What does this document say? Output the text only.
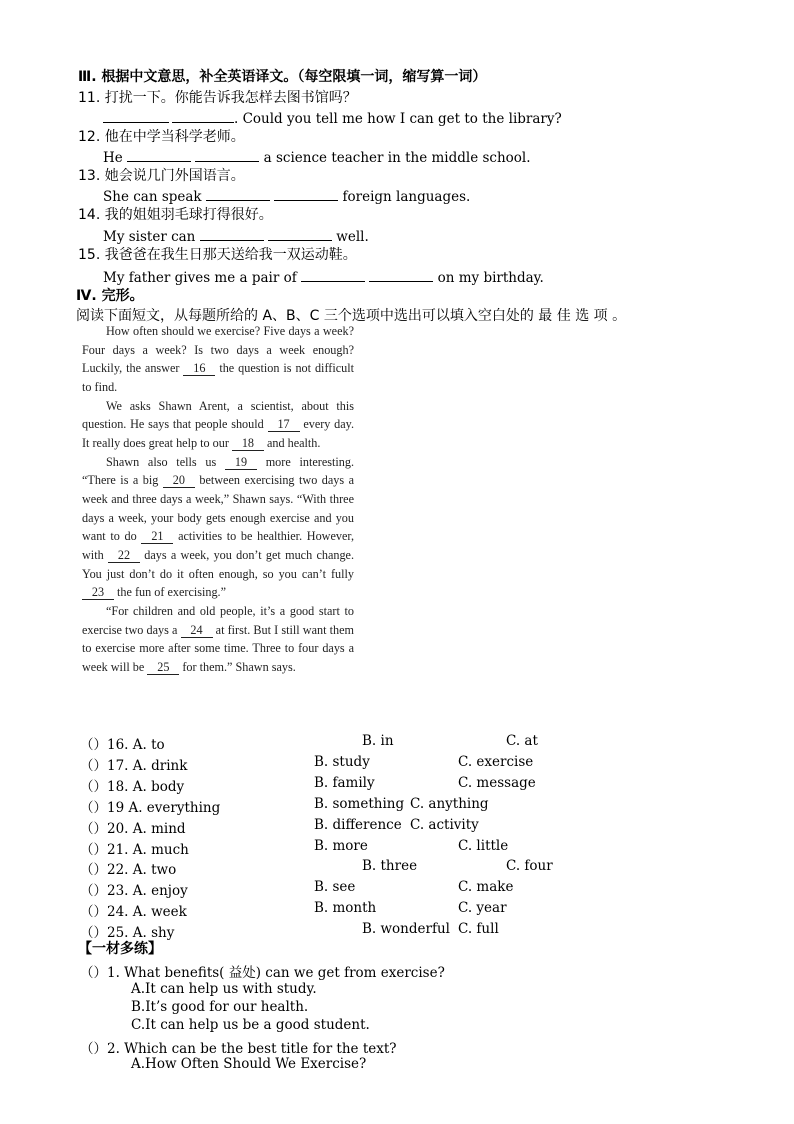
Ⅲ. 根据中文意思，补全英语译文。（每空限填一词，缩写算一词）
11. 打扰一下。你能告诉我怎样去图书馆吗？
. Could you tell me how I can get to the library?
12. 他在中学当科学老师。
He	a science teacher in the middle school.
13. 她会说几门外国语言。
She can speak	foreign languages.
14. 我的姐姐羽毛球打得很好。
My sister can	well.
15. 我爸爸在我生日那天送给我一双运动鞋。
My father gives me a pair of	on my birthday.
Ⅳ. 完形。
阅读下面短文，从每题所给的 A、B、C 三个选项中选出可以填入空白处的 最 佳 选 项 。

How often should we exercise? Five days a week? Four days a week? Is two days a week enough? Luckily, the answer 16 the question is not difficult to find.

We asks Shawn Arent, a scientist, about this question. He says that people should 17 every day. It really does great help to our 18 and health.

Shawn also tells us 19 more interesting. “There is a big 20 between exercising two days a week and three days a week,” Shawn says. “With three days a week, your body gets enough exercise and you want to do 21 activities to be healthier. However, with 22 days a week, you don’t get much change. You just don’t do it often enough, so you can’t fully 23 the fun of exercising.”

“For children and old people, it’s a good start to exercise two days a 24 at first. But I still want them to exercise more after some time. Three to four days a week will be 25 for them.” Shawn says.

（）16. A. to	B. in	C. at
（）17. A. drink	B. study	C. exercise
（）18. A. body	B. family	C. message
（）19 A. everything	B. something C. anything
（）20. A. mind	B. difference C. activity
（）21. A. much	B. more	C. little
（）22. A. two	B. three	C. four
（）23. A. enjoy	B. see	C. make
（）24. A. week	B. month	C. year
（）25. A. shy	B. wonderful C. full
【一材多练】
（）1. What benefits( 益处) can we get from exercise?
A.It can help us with study.
B.It’s good for our health.
C.It can help us be a good student.
（）2. Which can be the best title for the text?
A.How Often Should We Exercise?
